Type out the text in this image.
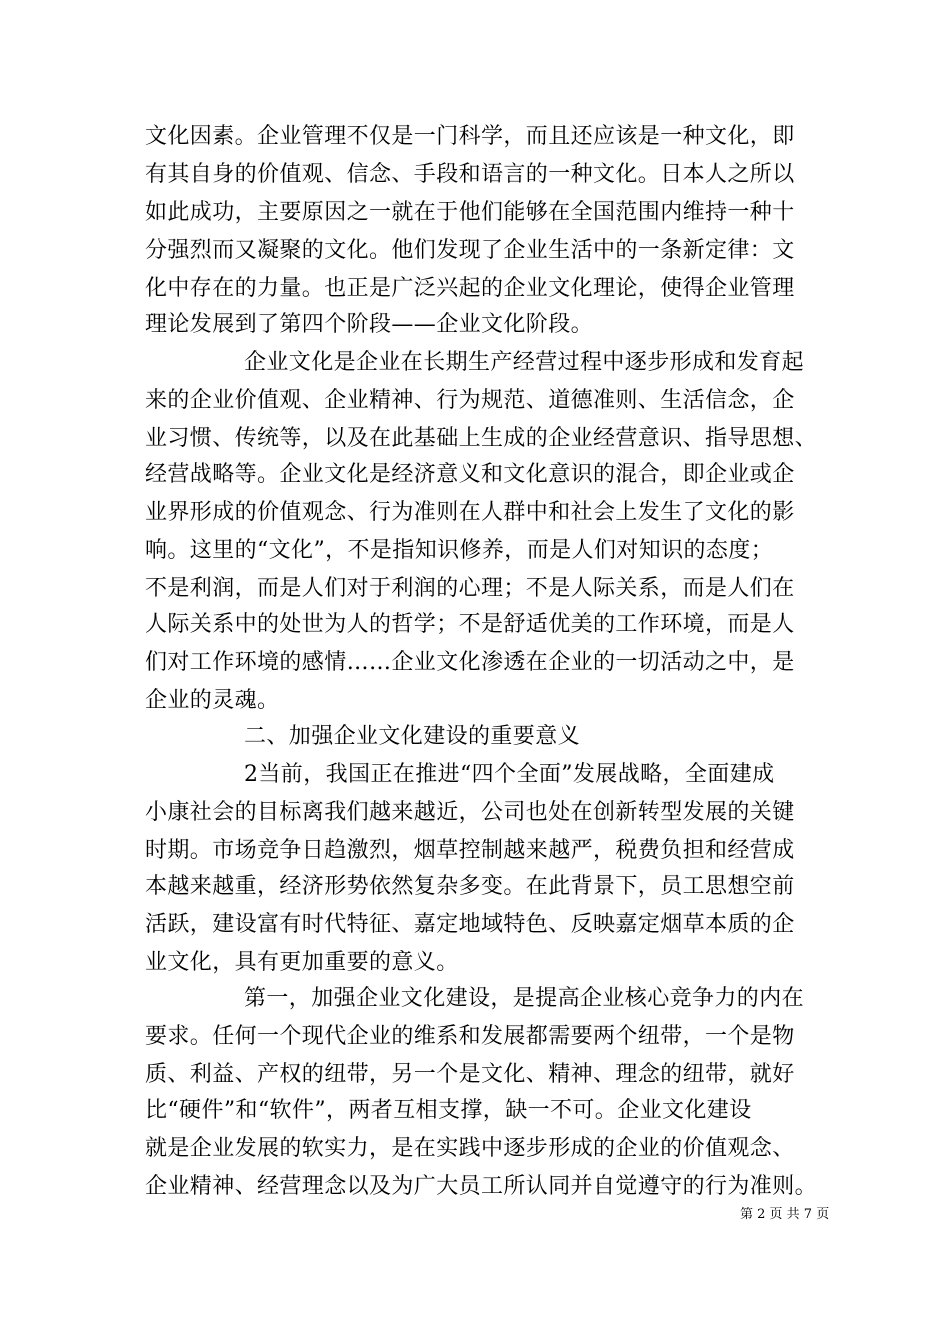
文化因素。企业管理不仅是一门科学，而且还应该是一种文化，即
有其自身的价值观、信念、手段和语言的一种文化。日本人之所以
如此成功，主要原因之一就在于他们能够在全国范围内维持一种十
分强烈而又凝聚的文化。他们发现了企业生活中的一条新定律：文
化中存在的力量。也正是广泛兴起的企业文化理论，使得企业管理
理论发展到了第四个阶段——企业文化阶段。
企业文化是企业在长期生产经营过程中逐步形成和发育起
来的企业价值观、企业精神、行为规范、道德准则、生活信念，企
业习惯、传统等，以及在此基础上生成的企业经营意识、指导思想、
经营战略等。企业文化是经济意义和文化意识的混合，即企业或企
业界形成的价值观念、行为准则在人群中和社会上发生了文化的影
响。这里的“文化”，不是指知识修养，而是人们对知识的态度；
不是利润，而是人们对于利润的心理；不是人际关系，而是人们在
人际关系中的处世为人的哲学；不是舒适优美的工作环境，而是人
们对工作环境的感情……企业文化渗透在企业的一切活动之中，是
企业的灵魂。
二、加强企业文化建设的重要意义
2当前，我国正在推进“四个全面”发展战略，全面建成
小康社会的目标离我们越来越近，公司也处在创新转型发展的关键
时期。市场竞争日趋激烈，烟草控制越来越严，税费负担和经营成
本越来越重，经济形势依然复杂多变。在此背景下，员工思想空前
活跃，建设富有时代特征、嘉定地域特色、反映嘉定烟草本质的企
业文化，具有更加重要的意义。
第一，加强企业文化建设，是提高企业核心竞争力的内在
要求。任何一个现代企业的维系和发展都需要两个纽带，一个是物
质、利益、产权的纽带，另一个是文化、精神、理念的纽带，就好
比“硬件”和“软件”，两者互相支撑，缺一不可。企业文化建设
就是企业发展的软实力，是在实践中逐步形成的企业的价值观念、
企业精神、经营理念以及为广大员工所认同并自觉遵守的行为准则。
第 2 页 共 7 页
